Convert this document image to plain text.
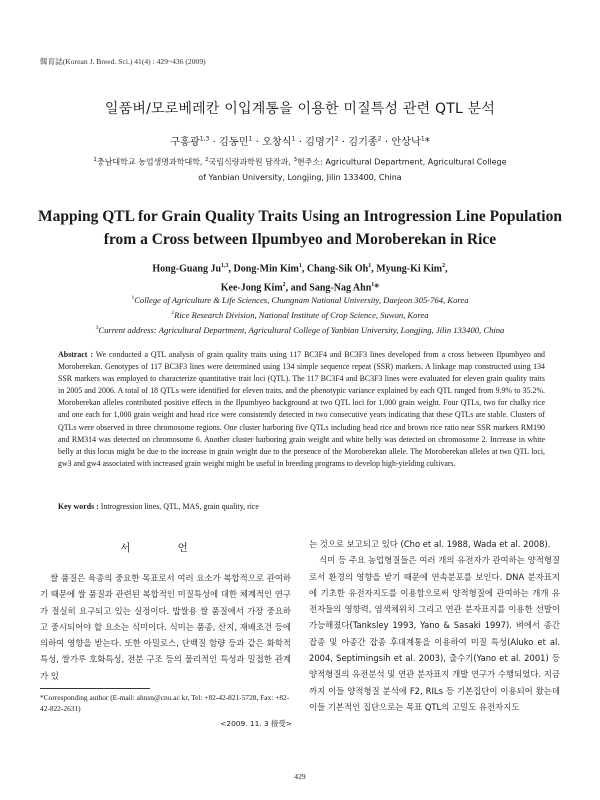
韓育誌(Korean J. Breed. Sci.) 41(4) : 429~436 (2009)
일품벼/모로베레칸 이입계통을 이용한 미질특성 관련 QTL 분석
구홍광$^{1,3}$ · 김동민$^1$ · 오창식$^1$ · 김명기$^2$ · 김기종$^2$ · 안상낙$^1$*
$^1$충남대학교 농업생명과학대학, $^2$국립식량과학원 답작과, $^3$현주소: Agricultural Department, Agricultural College
of Yanbian University, Longjing, Jilin 133400, China
Mapping QTL for Grain Quality Traits Using an Introgression Line Population from a Cross between Ilpumbyeo and Moroberekan in Rice
Hong-Guang Ju$^{1,3}$, Dong-Min Kim$^1$, Chang-Sik Oh$^1$, Myung-Ki Kim$^2$,
Kee-Jong Kim$^2$, and Sang-Nag Ahn$^1$*
$^1$College of Agriculture & Life Sciences, Chungnam National University, Daejeon 305-764, Korea
$^2$Rice Research Division, National Institute of Crop Science, Suwon, Korea
$^3$Current address: Agricultural Department, Agricultural College of Yanbian University, Longjing, Jilin 133400, China
Abstract : We conducted a QTL analysis of grain quality traits using 117 BC3F4 and BC3F3 lines developed from a cross between Ilpumbyeo and Moroberekan. Genotypes of 117 BC3F3 lines were determined using 134 simple sequence repeat (SSR) markers. A linkage map constructed using 134 SSR markers was employed to characterize quantitative trait loci (QTL). The 117 BC3F4 and BC3F3 lines were evaluated for eleven grain quality traits in 2005 and 2006. A total of 18 QTLs were identified for eleven traits, and the phenotypic variance explained by each QTL ranged from 9.9% to 35.2%. Moroberekan alleles contributed positive effects in the Ilpumbyeo background at two QTL loci for 1,000 grain weight. Four QTLs, two for chalky rice and one each for 1,000 grain weight and head rice were consistently detected in two consecutive years indicating that these QTLs are stable. Clusters of QTLs were observed in three chromosome regions. One cluster harboring five QTLs including head rice and brown rice ratio near SSR markers RM190 and RM314 was detected on chromosome 6. Another cluster harboring grain weight and white belly was detected on chromosome 2. Increase in white belly at this locus might be due to the increase in grain weight due to the presence of the Moroberekan allele. The Moroberekan alleles at two QTL loci, gw3 and gw4 associated with increased grain weight might be useful in breeding programs to develop high-yielding cultivars.
Key words : Introgression lines, QTL, MAS, grain quality, rice
서 언
쌀 품질은 육종의 중요한 목표로서 여러 요소가 복합적으로 관여하기 때문에 쌀 품질과 관련된 복합적인 미질특성에 대한 체계적인 연구가 절실히 요구되고 있는 실정이다. 밥쌀용 쌀 품질에서 가장 중요하고 중시되어야 할 요소는 식미이다. 식미는 품종, 산지, 재배조건 등에 의하여 영향을 받는다. 또한 아밀로스, 단백질 함량 등과 같은 화학적 특성, 쌀가루 호화특성, 전분 구조 등의 물리적인 특성과 밀접한 관계가 있

는 것으로 보고되고 있다 (Cho et al. 1988, Wada et al. 2008).

식미 등 주요 농업형질들은 여러 개의 유전자가 관여하는 양적형질로서 환경의 영향을 받기 때문에 연속분포를 보인다. DNA 분자표지에 기초한 유전자지도를 이용함으로써 양적형질에 관여하는 개개 유전자들의 영향력, 염색체위치 그리고 연관 분자표지를 이용한 선발이 가능해졌다(Tanksley 1993, Yano & Sasaki 1997). 벼에서 종간잡종 및 아종간 잡종 후대계통을 이용하여 미질 특성(Aluko et al. 2004, Septimingsih et al. 2003), 출수기(Yano et al. 2001) 등 양적형질의 유전분석 및 연관 분자표지 개발 연구가 수행되었다. 지금까지 이들 양적형질 분석에 F2, RILs 등 기본집단이 이용되어 왔는데 이들 기본적인 집단으로는 목표 QTL의 고밀도 유전자지도

*Corresponding author (E-mail: ahnsn@cnu.ac kr, Tel: +82-42-821-5728, Fax: +82-42-822-2631)
<2009. 11. 3 接受>
429
